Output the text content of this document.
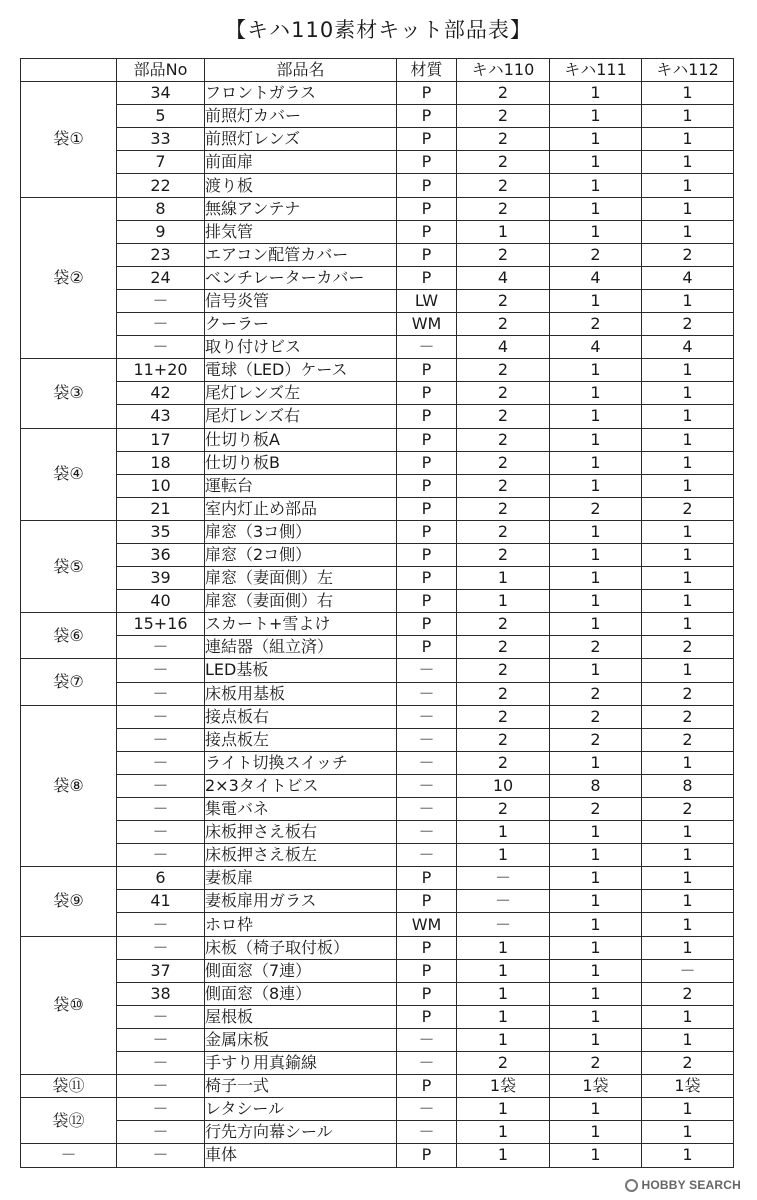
【キハ110素材キット部品表】
	部品No	部品名	材質	キハ110	キハ111	キハ112
袋①	34	フロントガラス	P	2	1	1
	5	前照灯カバー	P	2	1	1
	33	前照灯レンズ	P	2	1	1
	7	前面扉	P	2	1	1
	22	渡り板	P	2	1	1
袋②	8	無線アンテナ	P	2	1	1
	9	排気管	P	1	1	1
	23	エアコン配管カバー	P	2	2	2
	24	ベンチレーターカバー	P	4	4	4
	－	信号炎管	LW	2	1	1
	－	クーラー	WM	2	2	2
	－	取り付けビス	－	4	4	4
袋③	11+20	電球（LED）ケース	P	2	1	1
	42	尾灯レンズ左	P	2	1	1
	43	尾灯レンズ右	P	2	1	1
袋④	17	仕切り板A	P	2	1	1
	18	仕切り板B	P	2	1	1
	10	運転台	P	2	1	1
	21	室内灯止め部品	P	2	2	2
袋⑤	35	扉窓（3コ側）	P	2	1	1
	36	扉窓（2コ側）	P	2	1	1
	39	扉窓（妻面側）左	P	1	1	1
	40	扉窓（妻面側）右	P	1	1	1
袋⑥	15+16	スカート+雪よけ	P	2	1	1
	－	連結器（組立済）	P	2	2	2
袋⑦	－	LED基板	－	2	1	1
	－	床板用基板	－	2	2	2
袋⑧	－	接点板右	－	2	2	2
	－	接点板左	－	2	2	2
	－	ライト切換スイッチ	－	2	1	1
	－	2×3タイトビス	－	10	8	8
	－	集電バネ	－	2	2	2
	－	床板押さえ板右	－	1	1	1
	－	床板押さえ板左	－	1	1	1
袋⑨	6	妻板扉	P	－	1	1
	41	妻板扉用ガラス	P	－	1	1
	－	ホロ枠	WM	－	1	1
袋⑩	－	床板（椅子取付板）	P	1	1	1
	37	側面窓（7連）	P	1	1	－
	38	側面窓（8連）	P	1	1	2
	－	屋根板	P	1	1	1
	－	金属床板	－	1	1	1
	－	手すり用真鍮線	－	2	2	2
袋⑪	－	椅子一式	P	1袋	1袋	1袋
袋⑫	－	レタシール	－	1	1	1
	－	行先方向幕シール	－	1	1	1
－	－	車体	P	1	1	1
HOBBY SEARCH
